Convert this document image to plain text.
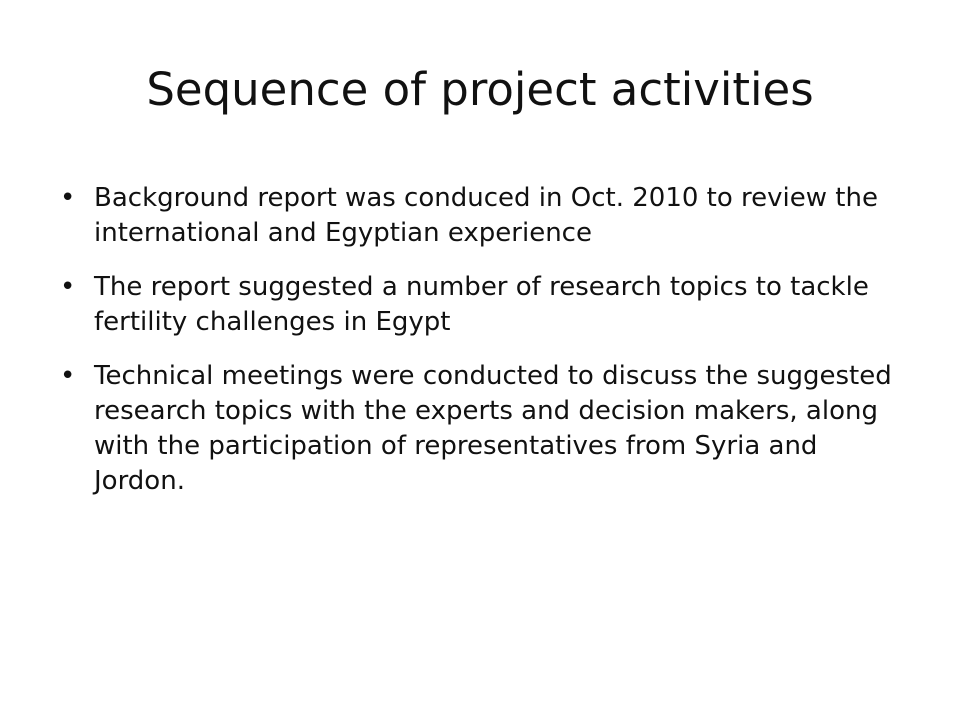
Sequence of project activities
• Background report was conduced in Oct. 2010 to review the international and Egyptian experience
• The report suggested a number of research topics to tackle fertility challenges in Egypt
• Technical meetings were conducted to discuss the suggested research topics with the experts and decision makers, along with the participation of representatives from Syria and Jordon.
